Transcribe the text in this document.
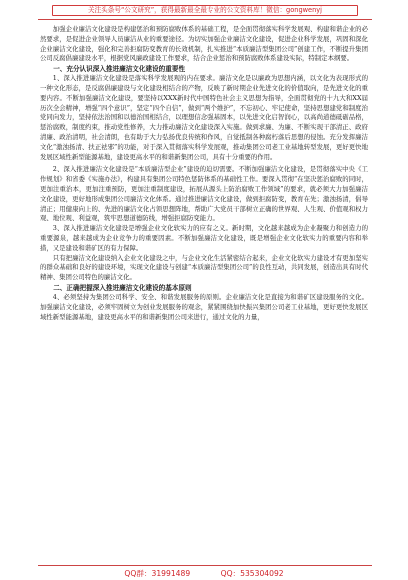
关注头条号“公文研究”，获得最新最全最专业的公文资料库！微信：gongwenyj

加强企业廉洁文化建设是构建惩治和预防腐败体系的基础工程，是全面贯彻落实科学发展观、构建和谐企业的必然要求，是促进企业领导人员廉洁从业的重要途径。为切实加强企业廉洁文化建设，促进企业科学发展，巩固和深化企业廉洁文化建设，强化和完善拒腐防变教育的长效机制，扎实推进“本质廉洁型集团公司”创建工作，不断提升集团公司反腐倡廉建设水平，根据党风廉政建设工作要求，结合企业惩治和预防腐败体系建设实际，特制定本纲要。

一、充分认识深入推进廉洁文化建设的重要性

1、深入推进廉洁文化建设是落实科学发展观的内在要求。廉洁文化是以廉政为思想内涵，以文化为表现形式的一种文化形态，是反腐倡廉建设与文化建设相结合的产物，反映了新时期企业先进文化的价值取向，是先进文化的重要内容。不断加强廉洁文化建设，要坚持以XXX新时代中国特色社会主义思想为指导，全面贯彻党的十九大和XX届历次全会精神，增强“四个意识”，坚定“四个自信”，做到“两个维护”，不忘初心、牢记使命，坚持思想建党和制度治党同向发力，坚持依法治国和以德治国相结合，以理想信念强基固本，以先进文化启智润心，以高尚道德砥砺品格，惩治腐败，制度约束，推动党性修养，大力推动廉洁文化建设深入实施。做到求廉、为廉、不断实现干部清正、政府清廉、政治清明，社会清朗，也有助于大力弘扬优良传统和作风，自觉抵制各种腐朽落后思想的侵蚀。充分发挥廉洁文化“激浊扬清、扶正祛邪”的功能，对于深入贯彻落实科学发展观，推动集团公司老工业基地转型发展，更好更快地发展区域性新型能源基地，建设更高水平的和谐新集团公司，具有十分重要的作用。

2、深入推进廉洁文化建设是“本质廉洁型企业”建设的迫切需要。不断加强廉洁文化建设，是贯彻落实中央《工作规划》和省委《实施办法》，构建具有集团公司特色惩防体系的基础性工作。要深入贯彻“在坚决惩治腐败的同时，更加注重治本，更加注重预防，更加注重制度建设，拓展从源头上防治腐败工作领域”的要求，就必须大力加强廉洁文化建设，更好地形成集团公司廉洁文化体系。通过推进廉洁文化建设，做到拒腐防变，教育在先；激浊扬清，倡导清正；用健康向上的、先进的廉洁文化占领思想阵地，帮助广大党员干部树立正确的世界观、人生观、价值观和权力观、地位观、利益观，筑牢思想道德防线，增强拒腐防变能力。

3、深入推进廉洁文化建设是增强企业文化软实力的应有之义。新时期，文化越来越成为企业凝聚力和创造力的重要源泉，越来越成为企业竞争力的重要因素。不断加强廉洁文化建设，既是增强企业文化软实力的重要内容和举措，又是建设和谐矿区的有力保障。

只有把廉洁文化建设纳入企业文化建设之中，与企业文化生活紧密结合起来，企业文化软实力建设才有更加坚实的群众基础和良好的建设环境，实现文化建设与创建“本质廉洁型集团公司”的良性互动，共同发展，创造出具有时代精神、集团公司特色的廉洁文化。

二、正确把握深入推进廉洁文化建设的基本原则

4、必须坚持为集团公司科学、安全、和谐发展服务的原则。企业廉洁文化是直接为和谐矿区建设服务的文化。加强廉洁文化建设，必须牢固树立为创业发展服务的观念，紧紧围绕加快振兴集团公司老工业基地，更好更快发展区域性新型能源基地，建设更高水平的和谐新集团公司来进行，通过文化的力量，

QQ群：31991489	QQ：535304092
